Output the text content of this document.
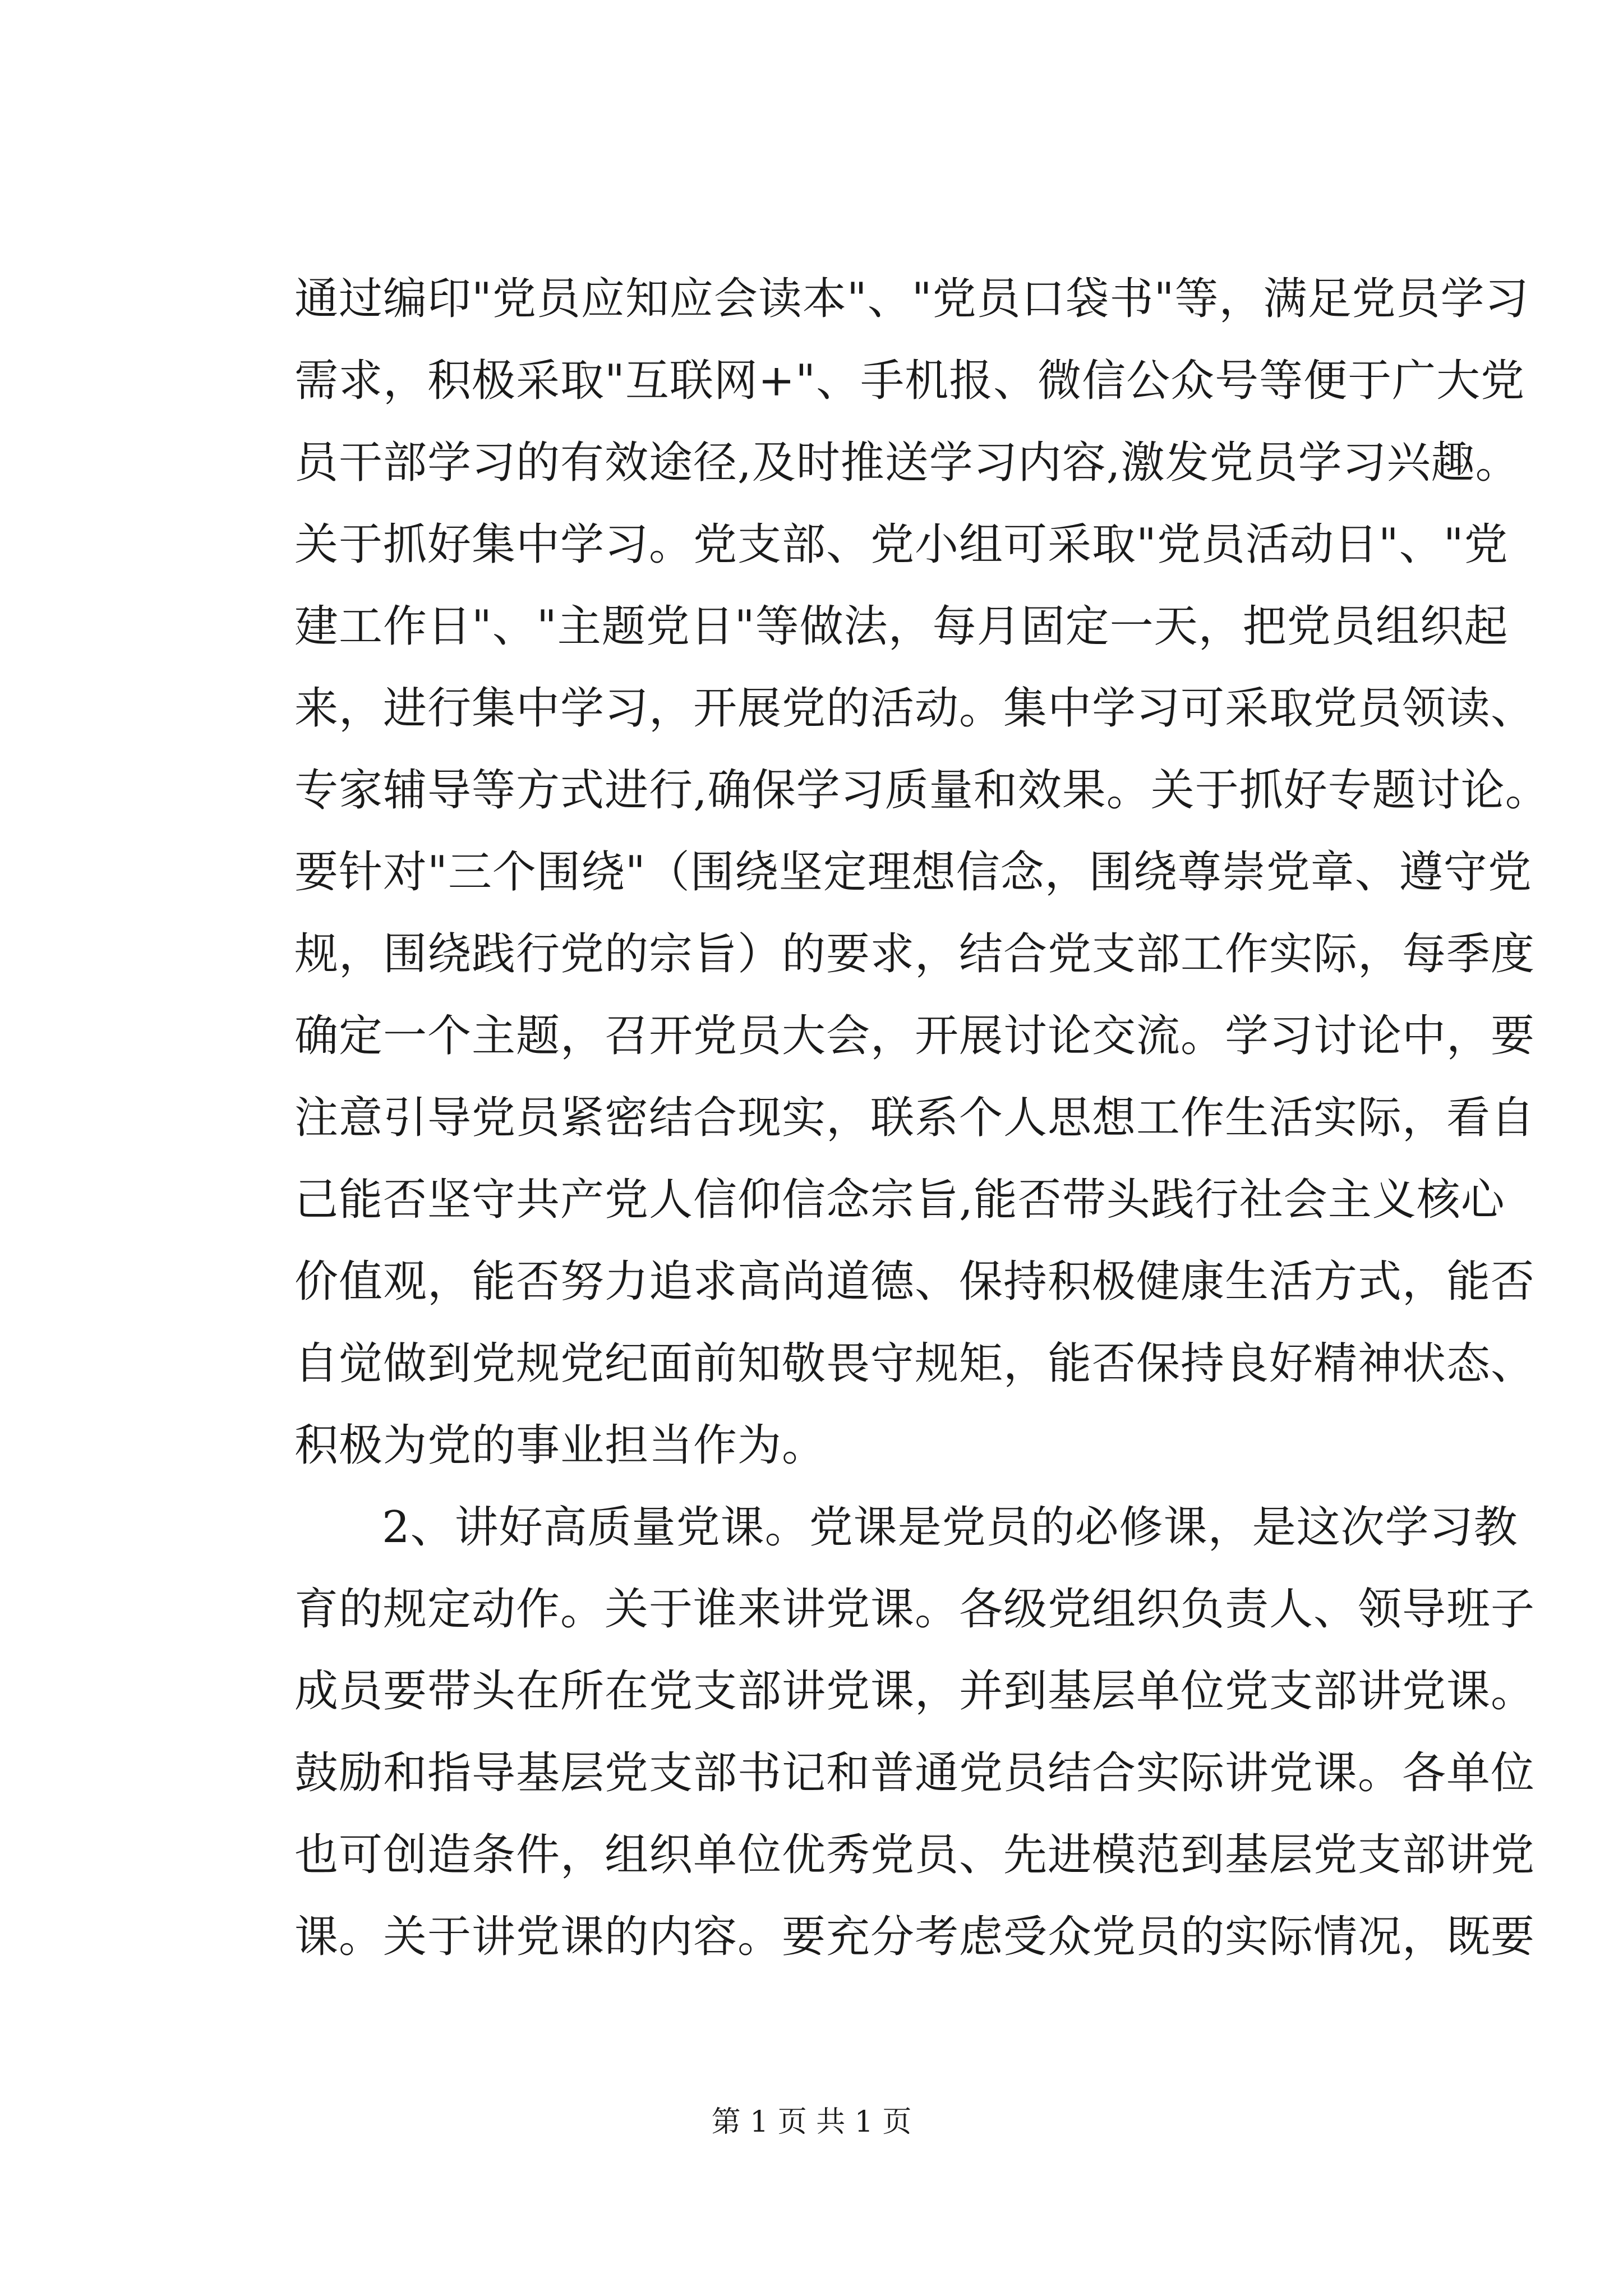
通过编印"党员应知应会读本"、"党员口袋书"等，满足党员学习
需求，积极采取"互联网+"、手机报、微信公众号等便于广大党
员干部学习的有效途径,及时推送学习内容,激发党员学习兴趣。
关于抓好集中学习。党支部、党小组可采取"党员活动日"、"党
建工作日"、"主题党日"等做法，每月固定一天，把党员组织起
来，进行集中学习，开展党的活动。集中学习可采取党员领读、
专家辅导等方式进行,确保学习质量和效果。关于抓好专题讨论。
要针对"三个围绕"（围绕坚定理想信念，围绕尊崇党章、遵守党
规，围绕践行党的宗旨）的要求，结合党支部工作实际，每季度
确定一个主题，召开党员大会，开展讨论交流。学习讨论中，要
注意引导党员紧密结合现实，联系个人思想工作生活实际，看自
己能否坚守共产党人信仰信念宗旨,能否带头践行社会主义核心
价值观，能否努力追求高尚道德、保持积极健康生活方式，能否
自觉做到党规党纪面前知敬畏守规矩，能否保持良好精神状态、
积极为党的事业担当作为。
2、讲好高质量党课。党课是党员的必修课，是这次学习教
育的规定动作。关于谁来讲党课。各级党组织负责人、领导班子
成员要带头在所在党支部讲党课，并到基层单位党支部讲党课。
鼓励和指导基层党支部书记和普通党员结合实际讲党课。各单位
也可创造条件，组织单位优秀党员、先进模范到基层党支部讲党
课。关于讲党课的内容。要充分考虑受众党员的实际情况，既要
第 1 页 共 1 页
